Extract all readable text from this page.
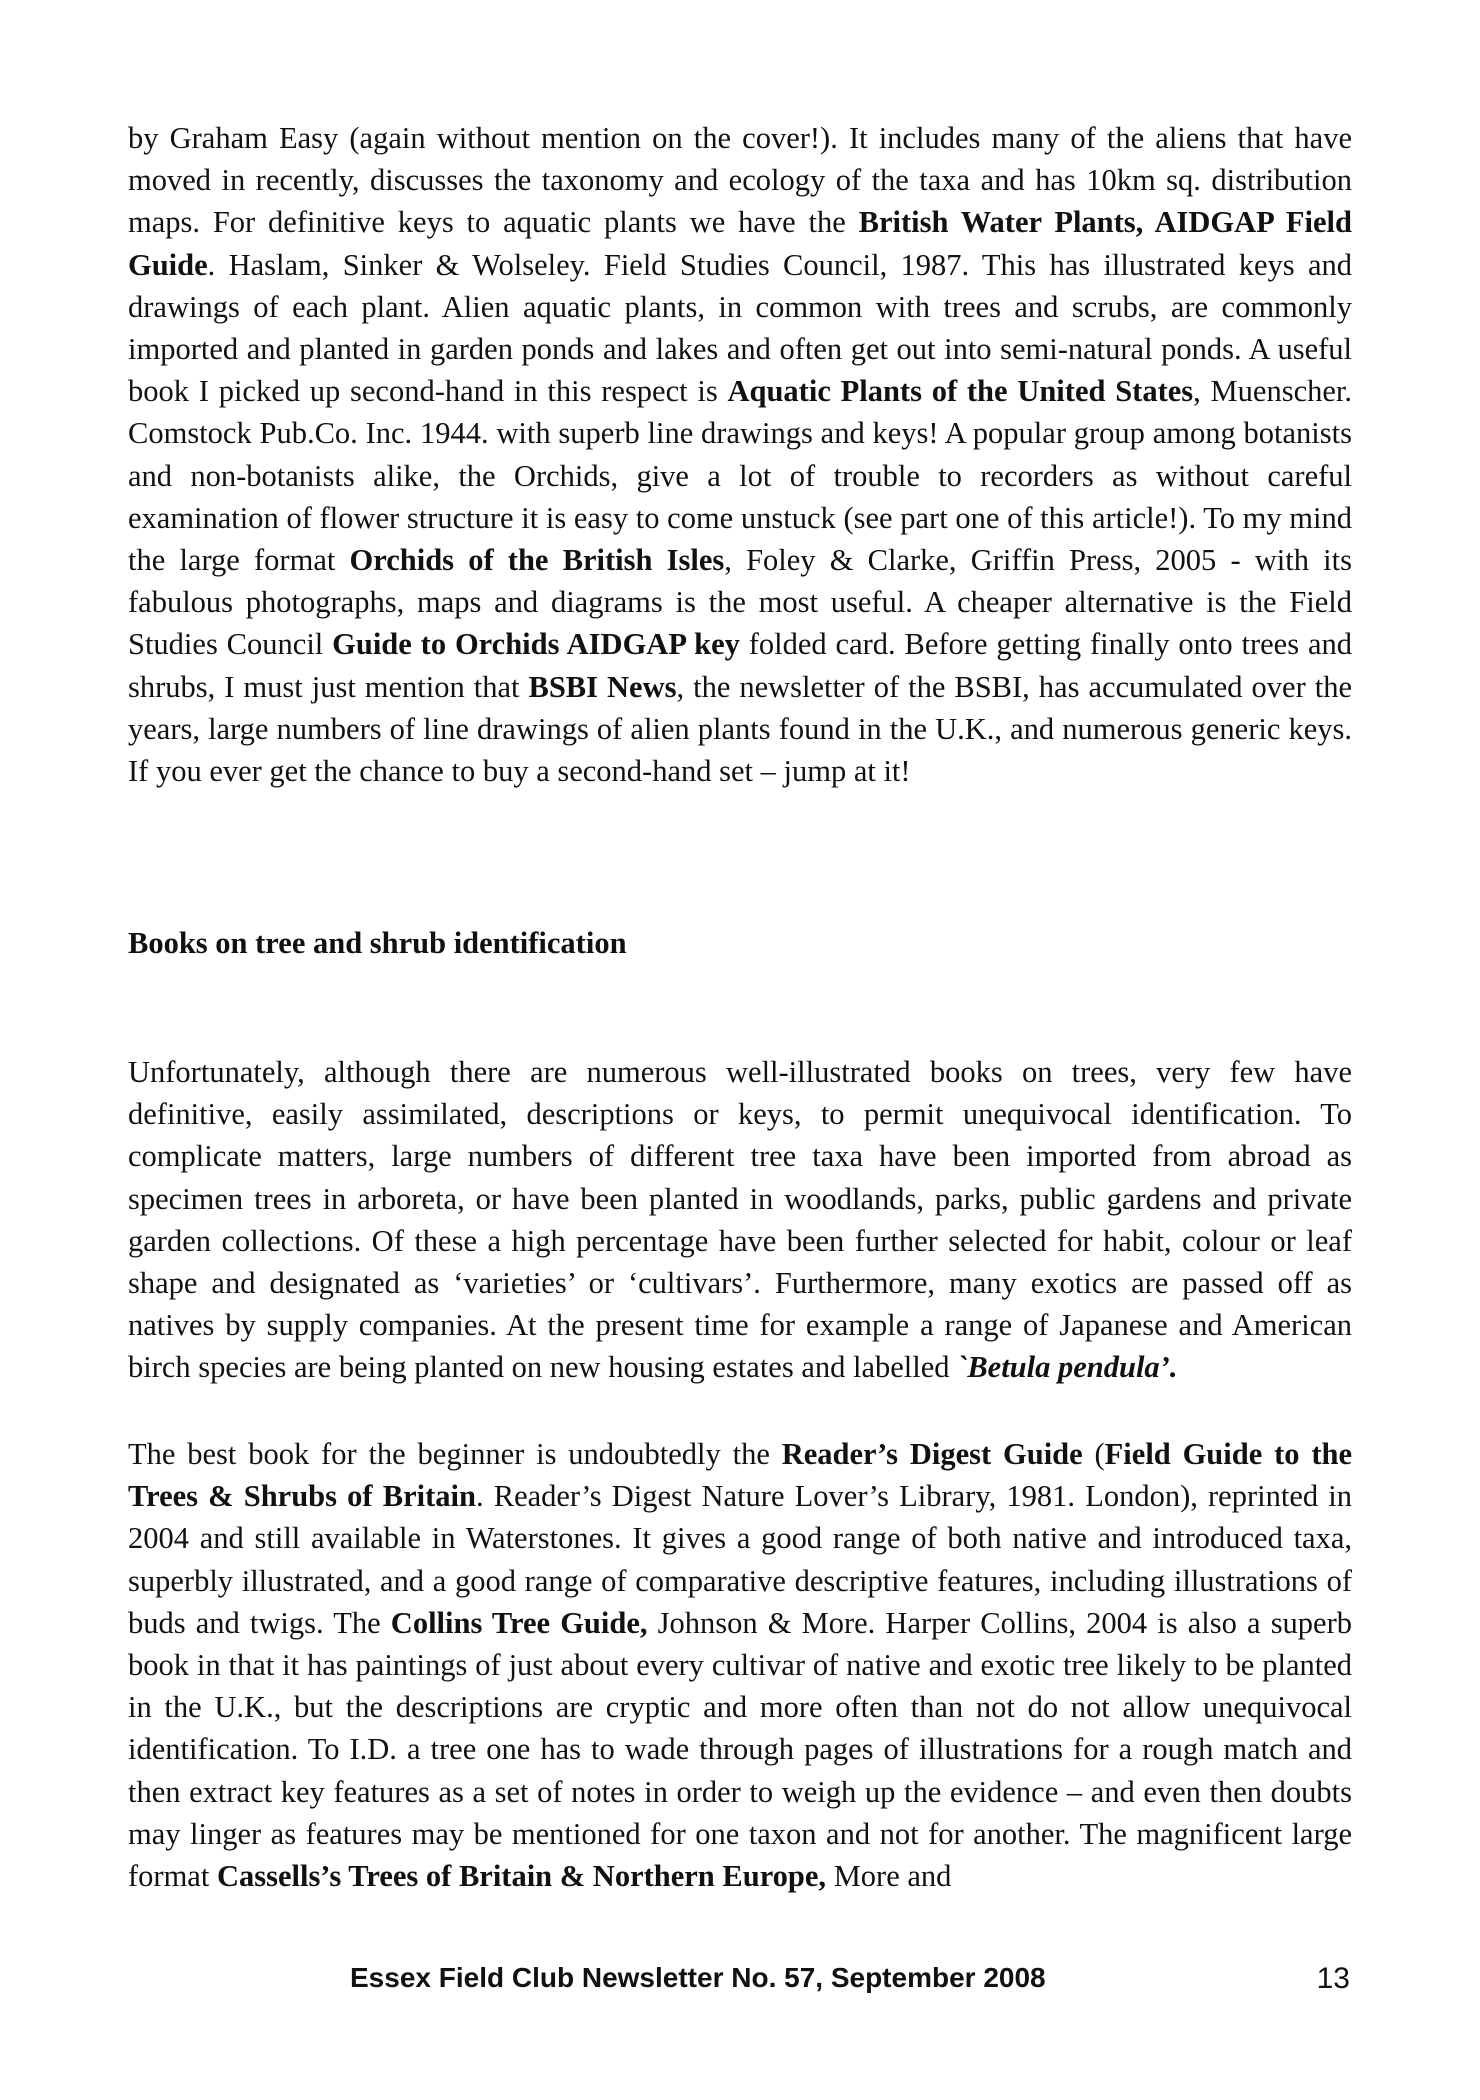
by Graham Easy (again without mention on the cover!). It includes many of the aliens that have moved in recently, discusses the taxonomy and ecology of the taxa and has 10km sq. distribution maps. For definitive keys to aquatic plants we have the British Water Plants, AIDGAP Field Guide. Haslam, Sinker & Wolseley. Field Studies Council, 1987. This has illustrated keys and drawings of each plant. Alien aquatic plants, in common with trees and scrubs, are commonly imported and planted in garden ponds and lakes and often get out into semi-natural ponds. A useful book I picked up second-hand in this respect is Aquatic Plants of the United States, Muenscher. Comstock Pub.Co. Inc. 1944. with superb line drawings and keys! A popular group among botanists and non-botanists alike, the Orchids, give a lot of trouble to recorders as without careful examination of flower structure it is easy to come unstuck (see part one of this article!). To my mind the large format Orchids of the British Isles, Foley & Clarke, Griffin Press, 2005 - with its fabulous photographs, maps and diagrams is the most useful. A cheaper alternative is the Field Studies Council Guide to Orchids AIDGAP key folded card. Before getting finally onto trees and shrubs, I must just mention that BSBI News, the newsletter of the BSBI, has accumulated over the years, large numbers of line drawings of alien plants found in the U.K., and numerous generic keys. If you ever get the chance to buy a second-hand set – jump at it!

Books on tree and shrub identification

Unfortunately, although there are numerous well-illustrated books on trees, very few have definitive, easily assimilated, descriptions or keys, to permit unequivocal identification. To complicate matters, large numbers of different tree taxa have been imported from abroad as specimen trees in arboreta, or have been planted in woodlands, parks, public gardens and private garden collections. Of these a high percentage have been further selected for habit, colour or leaf shape and designated as ‘varieties’ or ‘cultivars’. Furthermore, many exotics are passed off as natives by supply companies. At the present time for example a range of Japanese and American birch species are being planted on new housing estates and labelled `Betula pendula’.

The best book for the beginner is undoubtedly the Reader’s Digest Guide (Field Guide to the Trees & Shrubs of Britain. Reader’s Digest Nature Lover’s Library, 1981. London), reprinted in 2004 and still available in Waterstones. It gives a good range of both native and introduced taxa, superbly illustrated, and a good range of comparative descriptive features, including illustrations of buds and twigs. The Collins Tree Guide, Johnson & More. Harper Collins, 2004 is also a superb book in that it has paintings of just about every cultivar of native and exotic tree likely to be planted in the U.K., but the descriptions are cryptic and more often than not do not allow unequivocal identification. To I.D. a tree one has to wade through pages of illustrations for a rough match and then extract key features as a set of notes in order to weigh up the evidence – and even then doubts may linger as features may be mentioned for one taxon and not for another. The magnificent large format Cassells’s Trees of Britain & Northern Europe, More and

Essex Field Club Newsletter No. 57, September 2008	13
